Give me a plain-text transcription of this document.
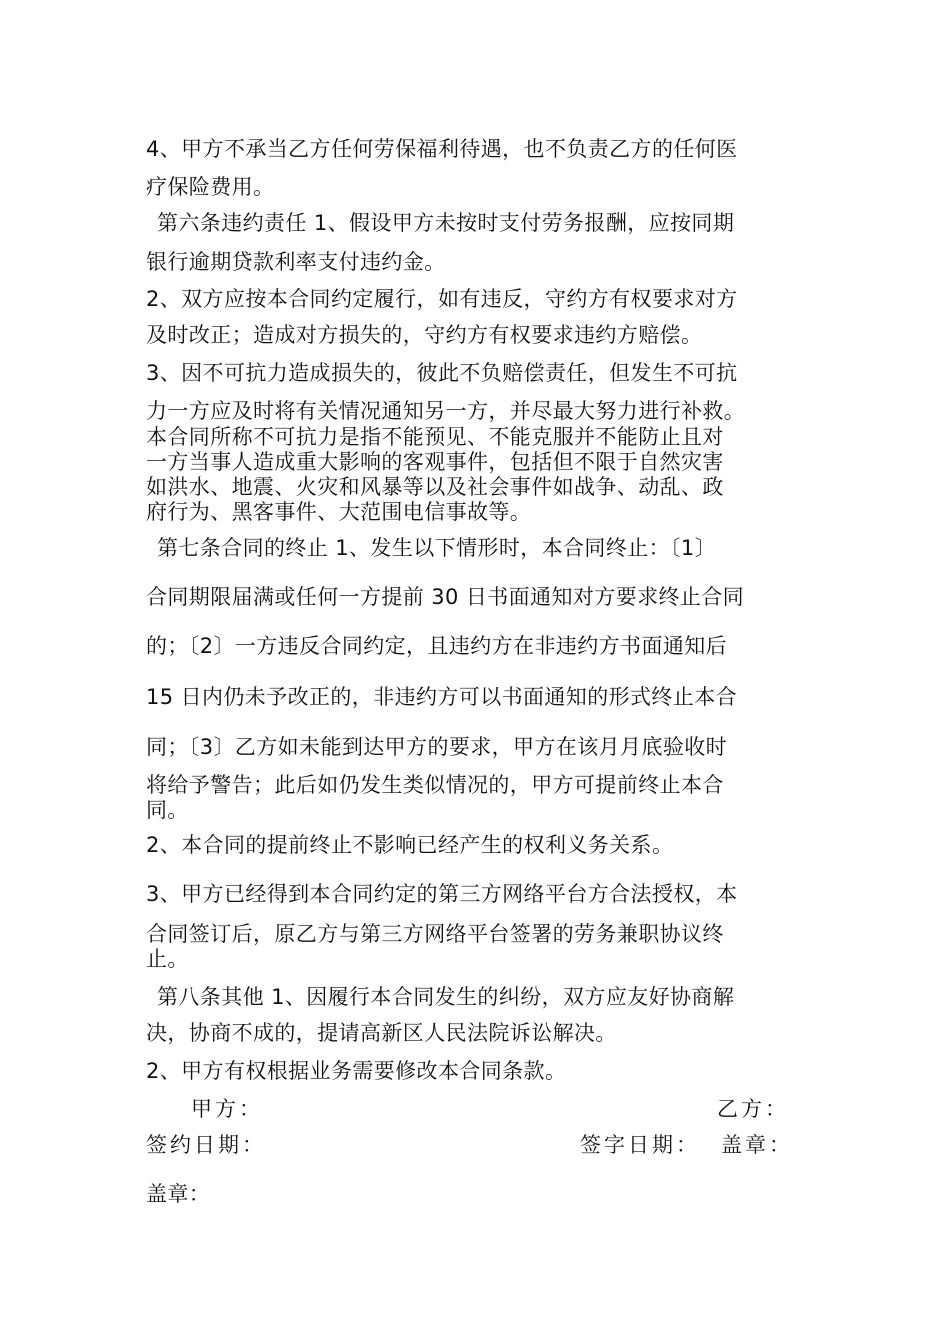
4、甲方不承当乙方任何劳保福利待遇，也不负责乙方的任何医
疗保险费用。
第六条违约责任 1、假设甲方未按时支付劳务报酬，应按同期
银行逾期贷款利率支付违约金。
2、双方应按本合同约定履行，如有违反，守约方有权要求对方
及时改正；造成对方损失的，守约方有权要求违约方赔偿。
3、因不可抗力造成损失的，彼此不负赔偿责任，但发生不可抗
力一方应及时将有关情况通知另一方，并尽最大努力进行补救。
本合同所称不可抗力是指不能预见、不能克服并不能防止且对
一方当事人造成重大影响的客观事件，包括但不限于自然灾害
如洪水、地震、火灾和风暴等以及社会事件如战争、动乱、政
府行为、黑客事件、大范围电信事故等。
第七条合同的终止 1、发生以下情形时，本合同终止：〔1〕
合同期限届满或任何一方提前 30 日书面通知对方要求终止合同
的；〔2〕一方违反合同约定，且违约方在非违约方书面通知后
15 日内仍未予改正的，非违约方可以书面通知的形式终止本合
同；〔3〕乙方如未能到达甲方的要求，甲方在该月月底验收时
将给予警告；此后如仍发生类似情况的，甲方可提前终止本合
同。
2、本合同的提前终止不影响已经产生的权利义务关系。
3、甲方已经得到本合同约定的第三方网络平台方合法授权，本
合同签订后，原乙方与第三方网络平台签署的劳务兼职协议终
止。
第八条其他 1、因履行本合同发生的纠纷，双方应友好协商解
决，协商不成的，提请高新区人民法院诉讼解决。
2、甲方有权根据业务需要修改本合同条款。
甲方：	乙方：
签约日期：	签字日期： 盖章：
盖章：
